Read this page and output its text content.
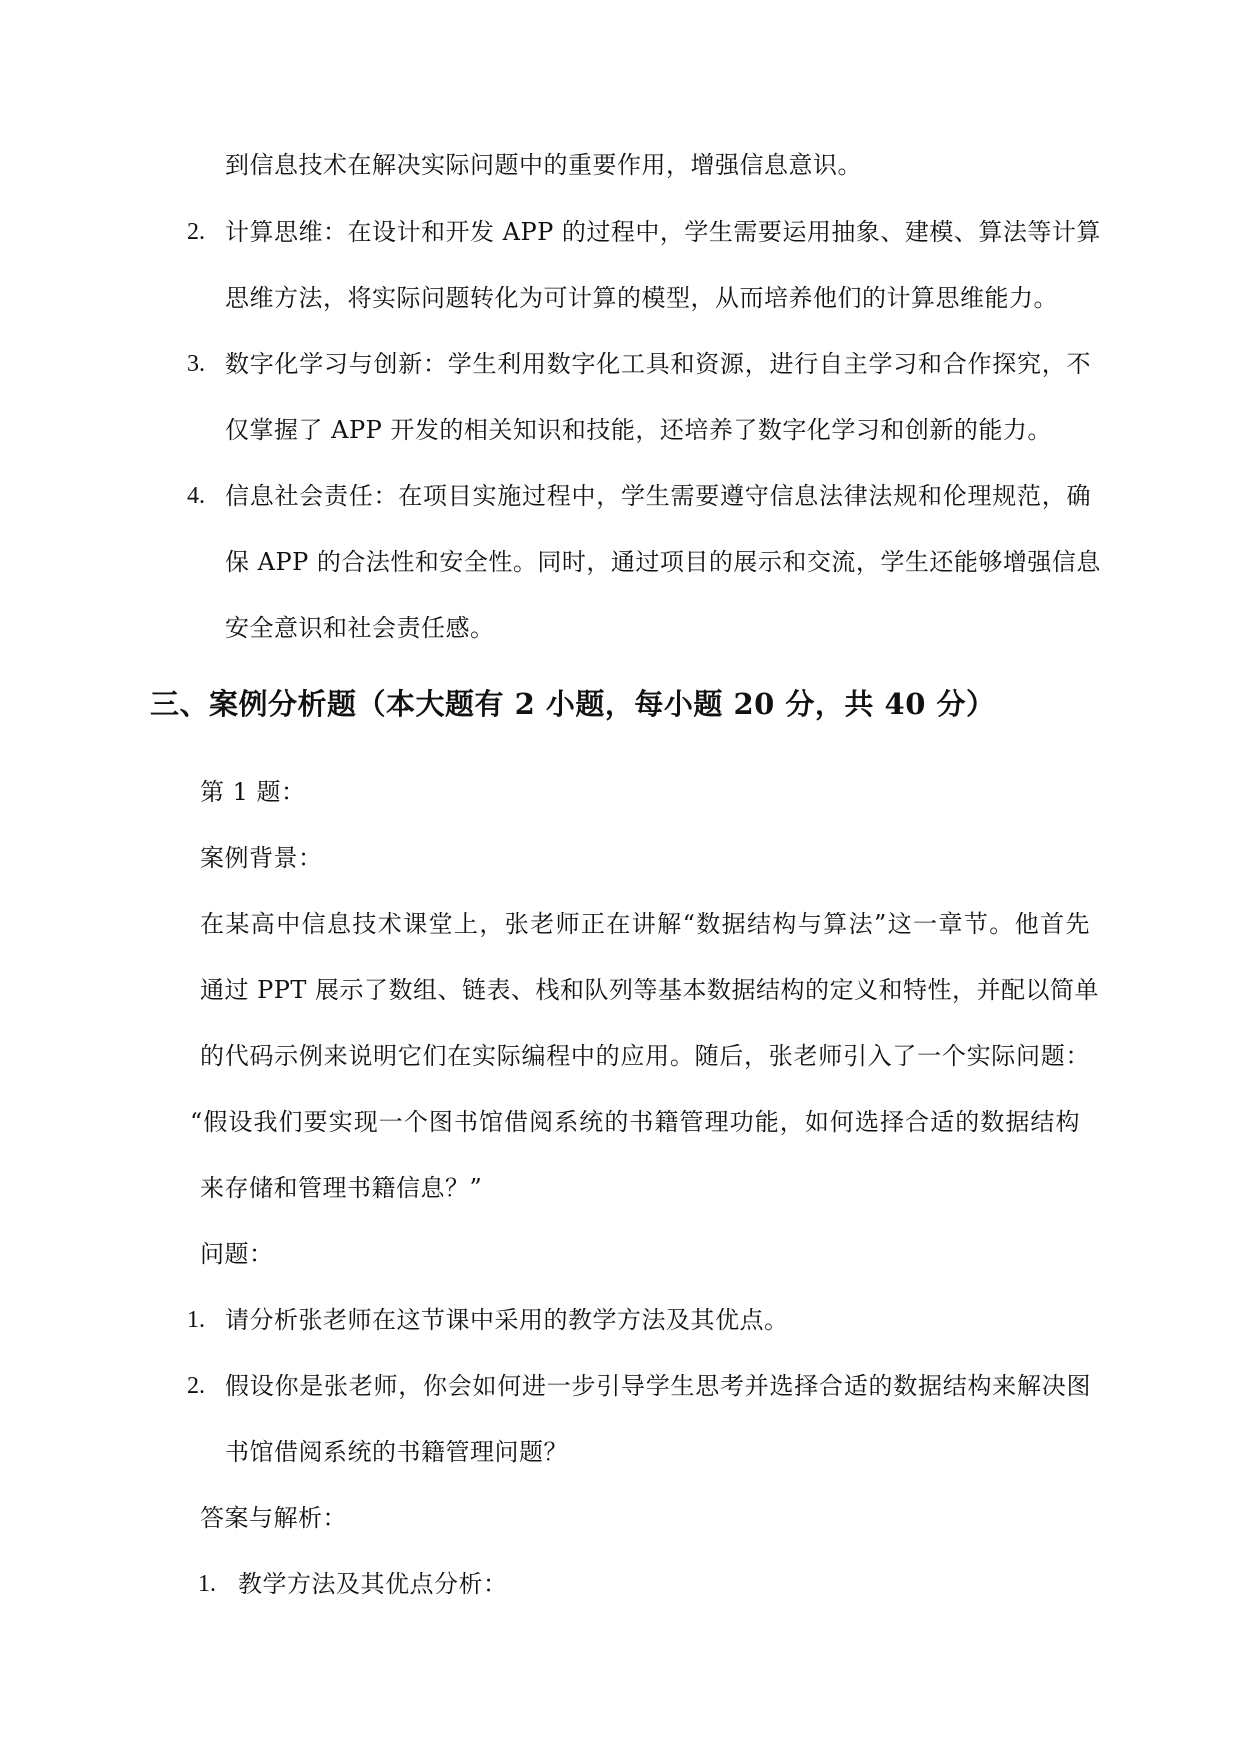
到信息技术在解决实际问题中的重要作用，增强信息意识。
2. 计算思维：在设计和开发 APP 的过程中，学生需要运用抽象、建模、算法等计算
思维方法，将实际问题转化为可计算的模型，从而培养他们的计算思维能力。
3. 数字化学习与创新：学生利用数字化工具和资源，进行自主学习和合作探究，不
仅掌握了 APP 开发的相关知识和技能，还培养了数字化学习和创新的能力。
4. 信息社会责任：在项目实施过程中，学生需要遵守信息法律法规和伦理规范，确
保 APP 的合法性和安全性。同时，通过项目的展示和交流，学生还能够增强信息
安全意识和社会责任感。
三、案例分析题（本大题有 2 小题，每小题 20 分，共 40 分）
第 1 题：
案例背景：
在某高中信息技术课堂上，张老师正在讲解“数据结构与算法”这一章节。他首先
通过 PPT 展示了数组、链表、栈和队列等基本数据结构的定义和特性，并配以简单
的代码示例来说明它们在实际编程中的应用。随后，张老师引入了一个实际问题：
“假设我们要实现一个图书馆借阅系统的书籍管理功能，如何选择合适的数据结构
来存储和管理书籍信息？”
问题：
1. 请分析张老师在这节课中采用的教学方法及其优点。
2. 假设你是张老师，你会如何进一步引导学生思考并选择合适的数据结构来解决图
书馆借阅系统的书籍管理问题？
答案与解析：
1. 教学方法及其优点分析：
